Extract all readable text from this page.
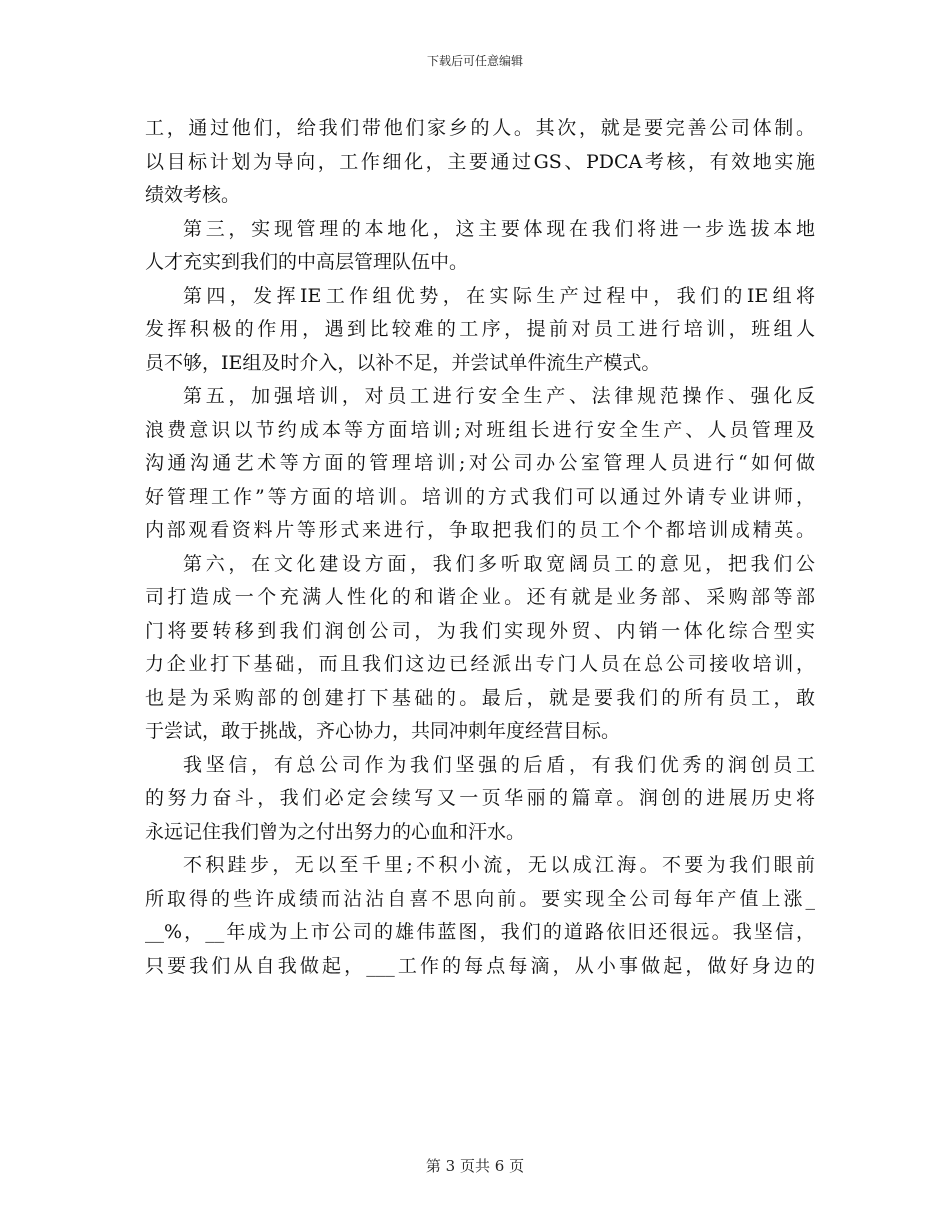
下载后可任意编辑
工，通过他们，给我们带他们家乡的人。其次，就是要完善公司体制。
以目标计划为导向，工作细化，主要通过GS、PDCA考核，有效地实施
绩效考核。
第三，实现管理的本地化，这主要体现在我们将进一步选拔本地
人才充实到我们的中高层管理队伍中。
第四，发挥IE工作组优势，在实际生产过程中，我们的IE组将
发挥积极的作用，遇到比较难的工序，提前对员工进行培训，班组人
员不够，IE组及时介入，以补不足，并尝试单件流生产模式。
第五，加强培训，对员工进行安全生产、法律规范操作、强化反
浪费意识以节约成本等方面培训;对班组长进行安全生产、人员管理及
沟通沟通艺术等方面的管理培训;对公司办公室管理人员进行“如何做
好管理工作”等方面的培训。培训的方式我们可以通过外请专业讲师，
内部观看资料片等形式来进行，争取把我们的员工个个都培训成精英。
第六，在文化建设方面，我们多听取宽阔员工的意见，把我们公
司打造成一个充满人性化的和谐企业。还有就是业务部、采购部等部
门将要转移到我们润创公司，为我们实现外贸、内销一体化综合型实
力企业打下基础，而且我们这边已经派出专门人员在总公司接收培训，
也是为采购部的创建打下基础的。最后，就是要我们的所有员工，敢
于尝试，敢于挑战，齐心协力，共同冲刺年度经营目标。
我坚信，有总公司作为我们坚强的后盾，有我们优秀的润创员工
的努力奋斗，我们必定会续写又一页华丽的篇章。润创的进展历史将
永远记住我们曾为之付出努力的心血和汗水。
不积跬步，无以至千里;不积小流，无以成江海。不要为我们眼前
所取得的些许成绩而沾沾自喜不思向前。要实现全公司每年产值上涨_
__%，__年成为上市公司的雄伟蓝图，我们的道路依旧还很远。我坚信，
只要我们从自我做起，___工作的每点每滴，从小事做起，做好身边的
第 3 页共 6 页
